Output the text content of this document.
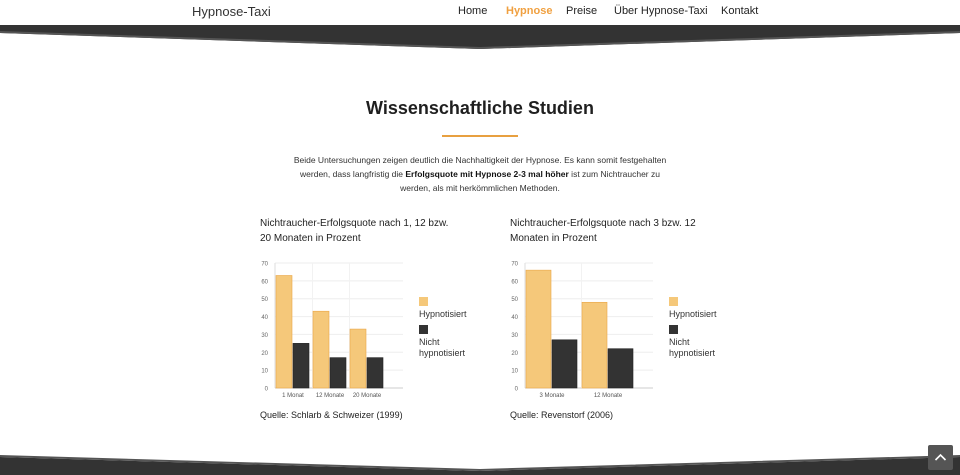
Hypnose-Taxi	Home Hypnose Preise Über Hypnose-Taxi Kontakt
Wissenschaftliche Studien

Beide Untersuchungen zeigen deutlich die Nachhaltigkeit der Hypnose. Es kann somit festgehalten werden, dass langfristig die Erfolgsquote mit Hypnose 2-3 mal höher ist zum Nichtraucher zu werden, als mit herkömmlichen Methoden.

Nichtraucher-Erfolgsquote nach 1, 12 bzw.
20 Monaten in Prozent
0
10
20
30
40
50
60
70
1 Monat 12 Monate 20 Monate
Hypnotisiert
Nicht hypnotisiert
Quelle: Schlarb & Schweizer (1999)
Nichtraucher-Erfolgsquote nach 3 bzw. 12
Monaten in Prozent
0
10
20
30
40
50
60
70
3 Monate	12 Monate
Hypnotisiert
Nicht hypnotisiert
Quelle: Revenstorf (2006)
